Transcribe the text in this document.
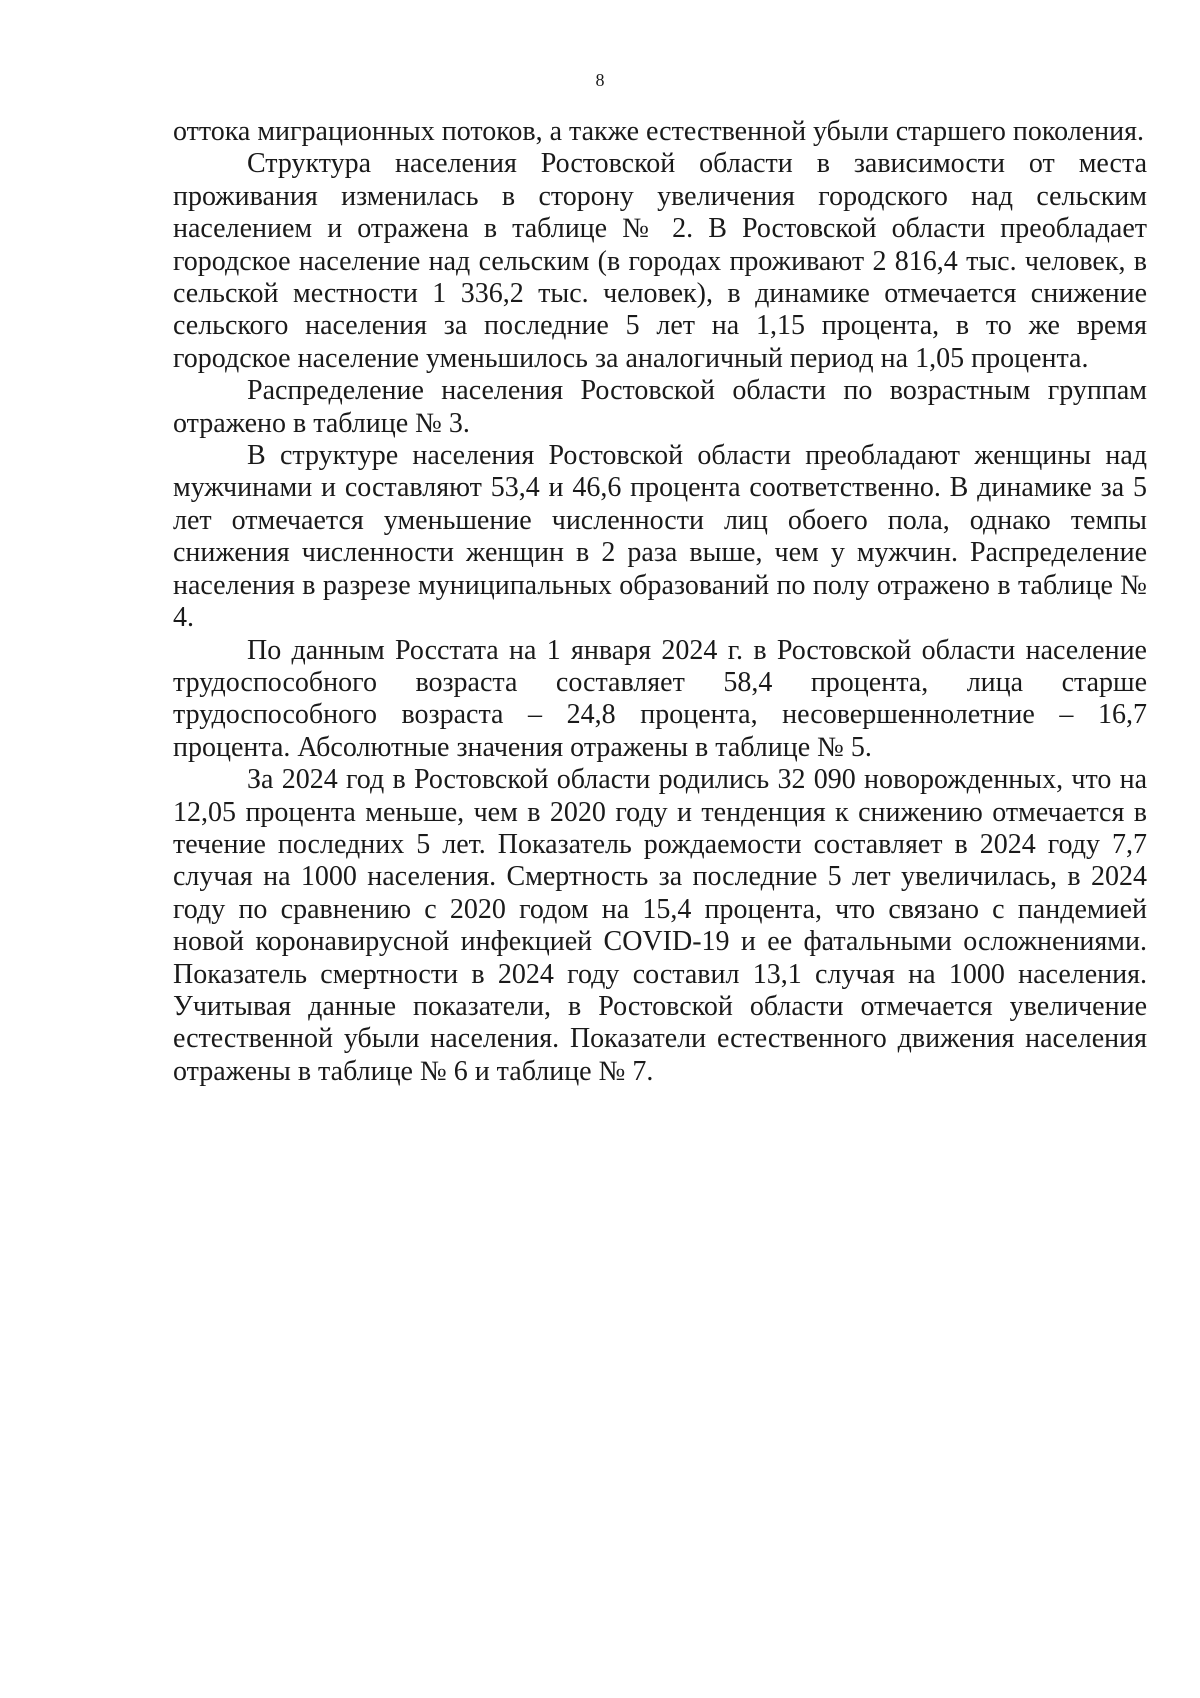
8

оттока миграционных потоков, а также естественной убыли старшего поколения.

Структура населения Ростовской области в зависимости от места проживания изменилась в сторону увеличения городского над сельским населением и отражена в таблице № 2. В Ростовской области преобладает городское население над сельским (в городах проживают 2 816,4 тыс. человек, в сельской местности 1 336,2 тыс. человек), в динамике отмечается снижение сельского населения за последние 5 лет на 1,15 процента, в то же время городское население уменьшилось за аналогичный период на 1,05 процента.

Распределение населения Ростовской области по возрастным группам отражено в таблице № 3.

В структуре населения Ростовской области преобладают женщины над мужчинами и составляют 53,4 и 46,6 процента соответственно. В динамике за 5 лет отмечается уменьшение численности лиц обоего пола, однако темпы снижения численности женщин в 2 раза выше, чем у мужчин. Распределение населения в разрезе муниципальных образований по полу отражено в таблице № 4.

По данным Росстата на 1 января 2024 г. в Ростовской области население трудоспособного возраста составляет 58,4 процента, лица старше трудоспособного возраста – 24,8 процента, несовершеннолетние – 16,7 процента. Абсолютные значения отражены в таблице № 5.

За 2024 год в Ростовской области родились 32 090 новорожденных, что на 12,05 процента меньше, чем в 2020 году и тенденция к снижению отмечается в течение последних 5 лет. Показатель рождаемости составляет в 2024 году 7,7 случая на 1000 населения. Смертность за последние 5 лет увеличилась, в 2024 году по сравнению с 2020 годом на 15,4 процента, что связано с пандемией новой коронавирусной инфекцией COVID-19 и ее фатальными осложнениями. Показатель смертности в 2024 году составил 13,1 случая на 1000 населения. Учитывая данные показатели, в Ростовской области отмечается увеличение естественной убыли населения. Показатели естественного движения населения отражены в таблице № 6 и таблице № 7.
